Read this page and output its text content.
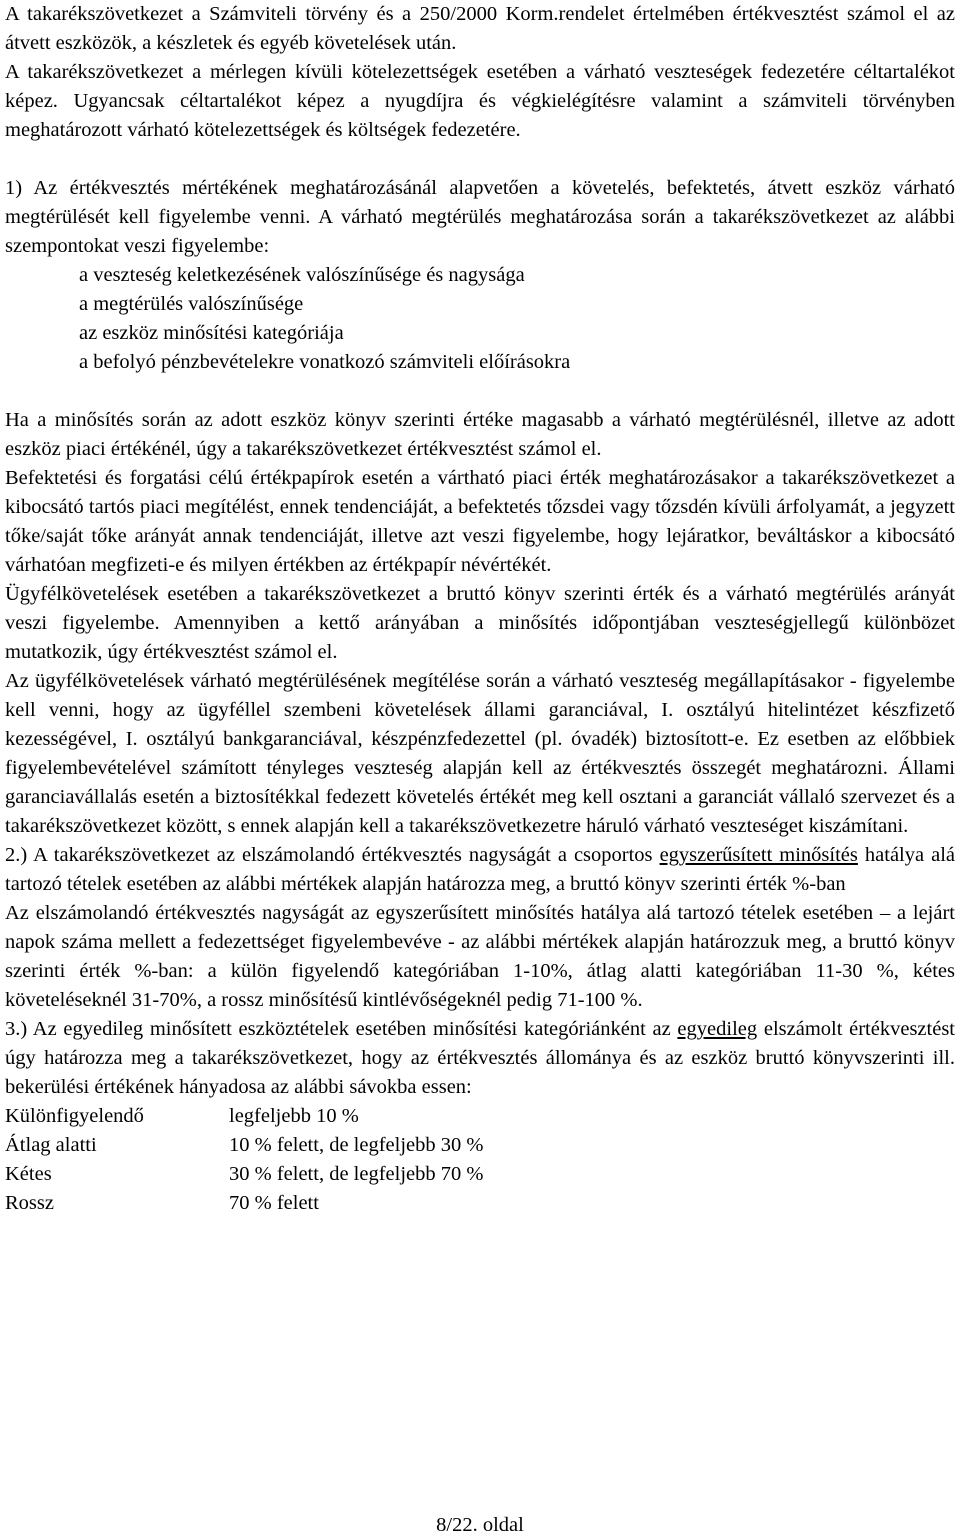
A takarékszövetkezet a Számviteli törvény és a 250/2000 Korm.rendelet értelmében értékvesztést számol el az átvett eszközök, a készletek és egyéb követelések után.

A takarékszövetkezet a mérlegen kívüli kötelezettségek esetében a várható veszteségek fedezetére céltartalékot képez. Ugyancsak céltartalékot képez a nyugdíjra és végkielégítésre valamint a számviteli törvényben meghatározott várható kötelezettségek és költségek fedezetére.

1) Az értékvesztés mértékének meghatározásánál alapvetően a követelés, befektetés, átvett eszköz várható megtérülését kell figyelembe venni. A várható megtérülés meghatározása során a takarékszövetkezet az alábbi szempontokat veszi figyelembe:

a veszteség keletkezésének valószínűsége és nagysága
a megtérülés valószínűsége
az eszköz minősítési kategóriája
a befolyó pénzbevételekre vonatkozó számviteli előírásokra

Ha a minősítés során az adott eszköz könyv szerinti értéke magasabb a várható megtérülésnél, illetve az adott eszköz piaci értékénél, úgy a takarékszövetkezet értékvesztést számol el.

Befektetési és forgatási célú értékpapírok esetén a vártható piaci érték meghatározásakor a takarékszövetkezet a kibocsátó tartós piaci megítélést, ennek tendenciáját, a befektetés tőzsdei vagy tőzsdén kívüli árfolyamát, a jegyzett tőke/saját tőke arányát annak tendenciáját, illetve azt veszi figyelembe, hogy lejáratkor, beváltáskor a kibocsátó várhatóan megfizeti-e és milyen értékben az értékpapír névértékét.

Ügyfélkövetelések esetében a takarékszövetkezet a bruttó könyv szerinti érték és a várható megtérülés arányát veszi figyelembe. Amennyiben a kettő arányában a minősítés időpontjában veszteségjellegű különbözet mutatkozik, úgy értékvesztést számol el.

Az ügyfélkövetelések várható megtérülésének megítélése során a várható veszteség megállapításakor - figyelembe kell venni, hogy az ügyféllel szembeni követelések állami garanciával, I. osztályú hitelintézet készfizető kezességével, I. osztályú bankgaranciával, készpénzfedezettel (pl. óvadék) biztosított-e. Ez esetben az előbbiek figyelembevételével számított tényleges veszteség alapján kell az értékvesztés összegét meghatározni. Állami garanciavállalás esetén a biztosítékkal fedezett követelés értékét meg kell osztani a garanciát vállaló szervezet és a takarékszövetkezet között, s ennek alapján kell a takarékszövetkezetre háruló várható veszteséget kiszámítani.

2.) A takarékszövetkezet az elszámolandó értékvesztés nagyságát a csoportos egyszerűsített minősítés hatálya alá tartozó tételek esetében az alábbi mértékek alapján határozza meg, a bruttó könyv szerinti érték %-ban

Az elszámolandó értékvesztés nagyságát az egyszerűsített minősítés hatálya alá tartozó tételek esetében – a lejárt napok száma mellett a fedezettséget figyelembevéve - az alábbi mértékek alapján határozzuk meg, a bruttó könyv szerinti érték %-ban: a külön figyelendő kategóriában 1-10%, átlag alatti kategóriában 11-30 %, kétes követeléseknél 31-70%, a rossz minősítésű kintlévőségeknél pedig 71-100 %.

3.) Az egyedileg minősített eszköztételek esetében minősítési kategóriánként az egyedileg elszámolt értékvesztést úgy határozza meg a takarékszövetkezet, hogy az értékvesztés állománya és az eszköz bruttó könyvszerinti ill. bekerülési értékének hányadosa az alábbi sávokba essen:

Különfigyelendő	legfeljebb 10 %
Átlag alatti	10 % felett, de legfeljebb 30 %
Kétes	30 % felett, de legfeljebb 70 %
Rossz	70 % felett
8/22. oldal
